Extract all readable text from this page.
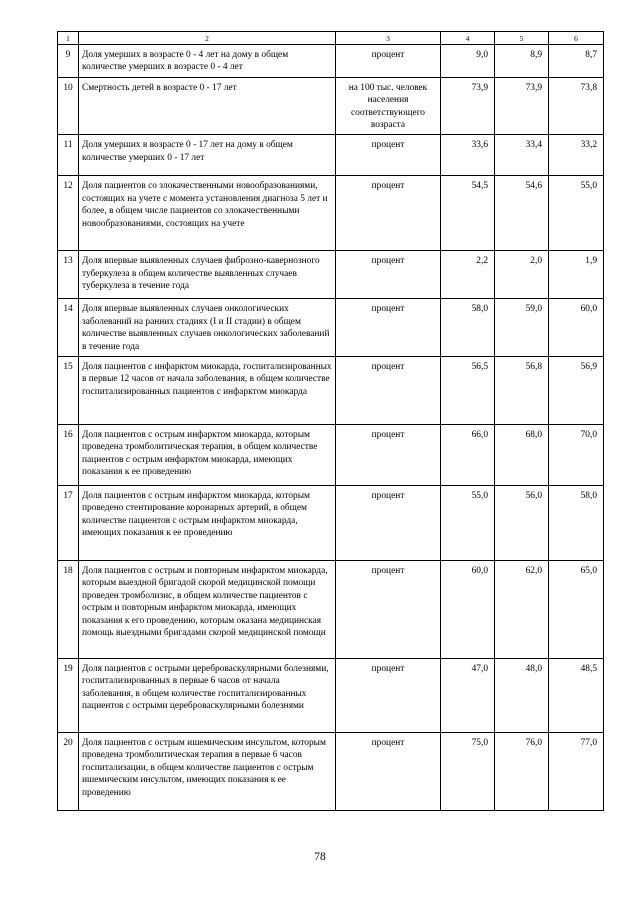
1	2	3	4	5	6
9	Доля умерших в возрасте 0 - 4 лет на дому в общем количестве умерших в возрасте 0 - 4 лет	процент	9,0	8,9	8,7
10	Смертность детей в возрасте 0 - 17 лет	на 100 тыс. человек населения соответствующего возраста	73,9	73,9	73,8
11	Доля умерших в возрасте 0 - 17 лет на дому в общем количестве умерших 0 - 17 лет	процент	33,6	33,4	33,2
12	Доля пациентов со злокачественными новообразованиями, состоящих на учете с момента установления диагноза 5 лет и более, в общем числе пациентов со злокачественными новообразованиями, состоящих на учете	процент	54,5	54,6	55,0
13	Доля впервые выявленных случаев фиброзно-кавернозного туберкулеза в общем количестве выявленных случаев туберкулеза в течение года	процент	2,2	2,0	1,9
14	Доля впервые выявленных случаев онкологических заболеваний на ранних стадиях (I и II стадии) в общем количестве выявленных случаев онкологических заболеваний в течение года	процент	58,0	59,0	60,0
15	Доля пациентов с инфарктом миокарда, госпитализированных в первые 12 часов от начала заболевания, в общем количестве госпитализированных пациентов с инфарктом миокарда	процент	56,5	56,8	56,9
16	Доля пациентов с острым инфарктом миокарда, которым проведена тромболитическая терапия, в общем количестве пациентов с острым инфарктом миокарда, имеющих показания к ее проведению	процент	66,0	68,0	70,0
17	Доля пациентов с острым инфарктом миокарда, которым проведено стентирование коронарных артерий, в общем количестве пациентов с острым инфарктом миокарда, имеющих показания к ее проведению	процент	55,0	56,0	58,0
18	Доля пациентов с острым и повторным инфарктом миокарда, которым выездной бригадой скорой медицинской помощи проведен тромболизис, в общем количестве пациентов с острым и повторным инфарктом миокарда, имеющих показания к его проведению, которым оказана медицинская помощь выездными бригадами скорой медицинской помощи	процент	60,0	62,0	65,0
19	Доля пациентов с острыми цереброваскулярными болезнями, госпитализированных в первые 6 часов от начала заболевания, в общем количестве госпитализированных пациентов с острыми цереброваскулярными болезнями	процент	47,0	48,0	48,5
20	Доля пациентов с острым ишемическим инсультом, которым проведена тромболитическая терапия в первые 6 часов госпитализации, в общем количестве пациентов с острым ишемическим инсультом, имеющих показания к ее проведению	процент	75,0	76,0	77,0
78
